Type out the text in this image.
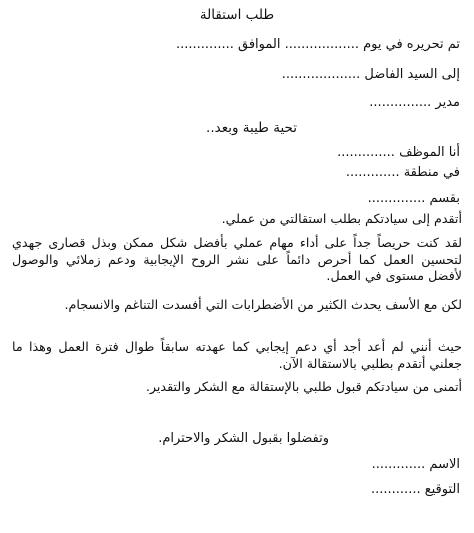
طلب استقالة
تم تحريره في يوم .................. الموافق ..............
إلى السيد الفاضل ...................
مدير ...............
تحية طيبة وبعد..
أنا الموظف ..............
في منطقة .............
بقسم ..............
أتقدم إلى سيادتكم بطلب استقالتي من عملي.
لقد كنت حريصاً جداً على أداء مهام عملي بأفضل شكل ممكن وبذل قصارى جهدي لتحسين العمل كما أحرص دائماً على نشر الروح الإيجابية ودعم زملائي والوصول لأفضل مستوى في العمل.
لكن مع الأسف يحدث الكثير من الأضطرابات التي أفسدت التناغم والانسجام.
حيث أنني لم أعد أجد أي دعم إيجابي كما عهدته سابقاً طوال فترة العمل وهذا ما جعلني أتقدم بطلبي بالاستقالة الآن.
أتمنى من سيادتكم قبول طلبي بالإستقالة مع الشكر والتقدير.
وتفضلوا بقبول الشكر والاحترام.
الاسم .............
التوقيع ............
